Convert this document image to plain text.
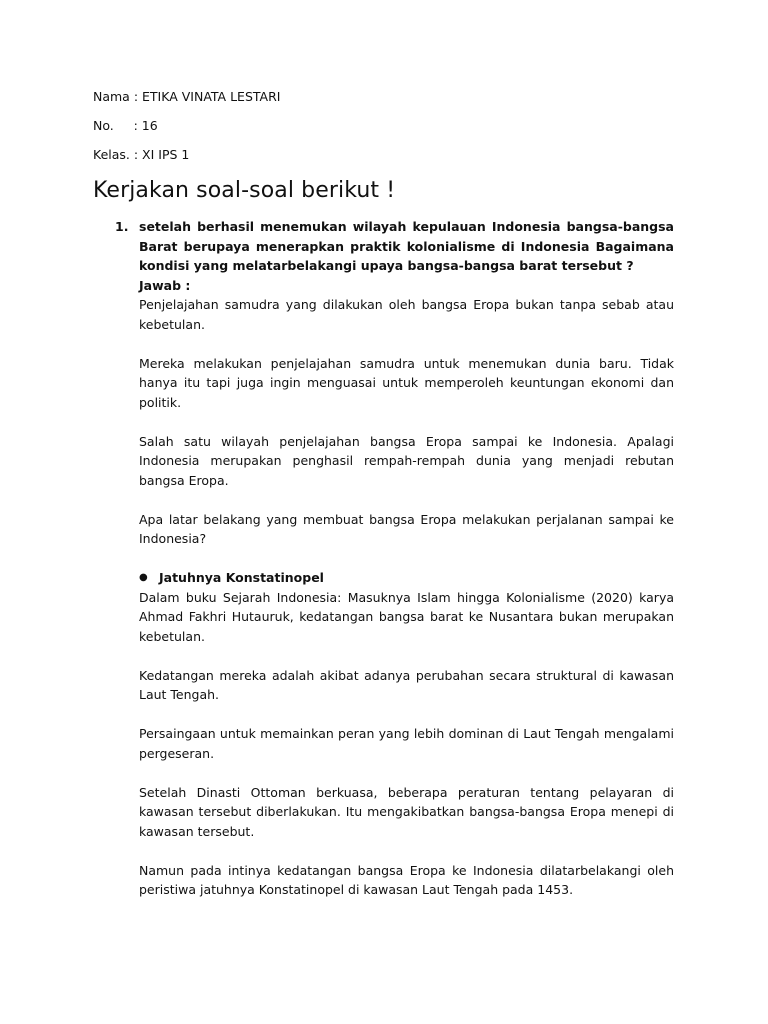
Nama : ETIKA VINATA LESTARI
No.     : 16
Kelas. : XI IPS 1
Kerjakan soal-soal berikut !
1. setelah berhasil menemukan wilayah kepulauan Indonesia bangsa-bangsa Barat berupaya menerapkan praktik kolonialisme di Indonesia Bagaimana kondisi yang melatarbelakangi upaya bangsa-bangsa barat tersebut ?

Jawab :

Penjelajahan samudra yang dilakukan oleh bangsa Eropa bukan tanpa sebab atau kebetulan.

Mereka melakukan penjelajahan samudra untuk menemukan dunia baru. Tidak hanya itu tapi juga ingin menguasai untuk memperoleh keuntungan ekonomi dan politik.

Salah satu wilayah penjelajahan bangsa Eropa sampai ke Indonesia. Apalagi Indonesia merupakan penghasil rempah-rempah dunia yang menjadi rebutan bangsa Eropa.

Apa latar belakang yang membuat bangsa Eropa melakukan perjalanan sampai ke Indonesia?

● Jatuhnya Konstatinopel

Dalam buku Sejarah Indonesia: Masuknya Islam hingga Kolonialisme (2020) karya Ahmad Fakhri Hutauruk, kedatangan bangsa barat ke Nusantara bukan merupakan kebetulan.

Kedatangan mereka adalah akibat adanya perubahan secara struktural di kawasan Laut Tengah.

Persaingaan untuk memainkan peran yang lebih dominan di Laut Tengah mengalami pergeseran.

Setelah Dinasti Ottoman berkuasa, beberapa peraturan tentang pelayaran di kawasan tersebut diberlakukan. Itu mengakibatkan bangsa-bangsa Eropa menepi di kawasan tersebut.

Namun pada intinya kedatangan bangsa Eropa ke Indonesia dilatarbelakangi oleh peristiwa jatuhnya Konstatinopel di kawasan Laut Tengah pada 1453.
